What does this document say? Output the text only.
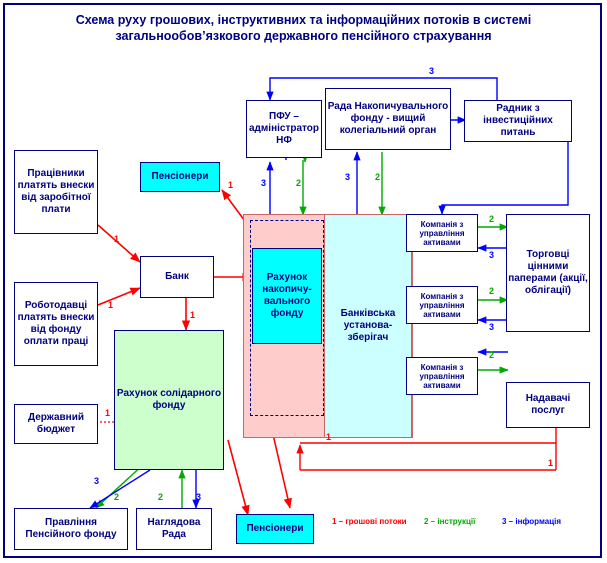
Схема руху грошових, інструктивних та інформаційних потоків в системі загальнообов’язкового державного пенсійного страхування
ПФУ – адміністратор НФ
Рада Накопичувального фонду - вищий колегіальний орган
Радник з інвестиційних питань
Пенсіонери
Працівники платять внески від заробітної плати
Роботодавці платять внески від фонду оплати праці
Державний бюджет
Банк
Рахунок солідарного фонду
Правління Пенсійного фонду
Наглядова Рада
Пенсіонери
Рахунок накопичу-вального фонду	Банківська установа-зберігач
Компанія з управління активами
Компанія з управління активами
Компанія з управління активами
Торговці цінними паперами (акції, облігації)
Надавачі послуг
3
3	2
3	2
1
1
1
1
1
2
3
2
3
2
1
1
2
3
2	3
1 – грошові потоки 2 – інструкції	3 – інформація
